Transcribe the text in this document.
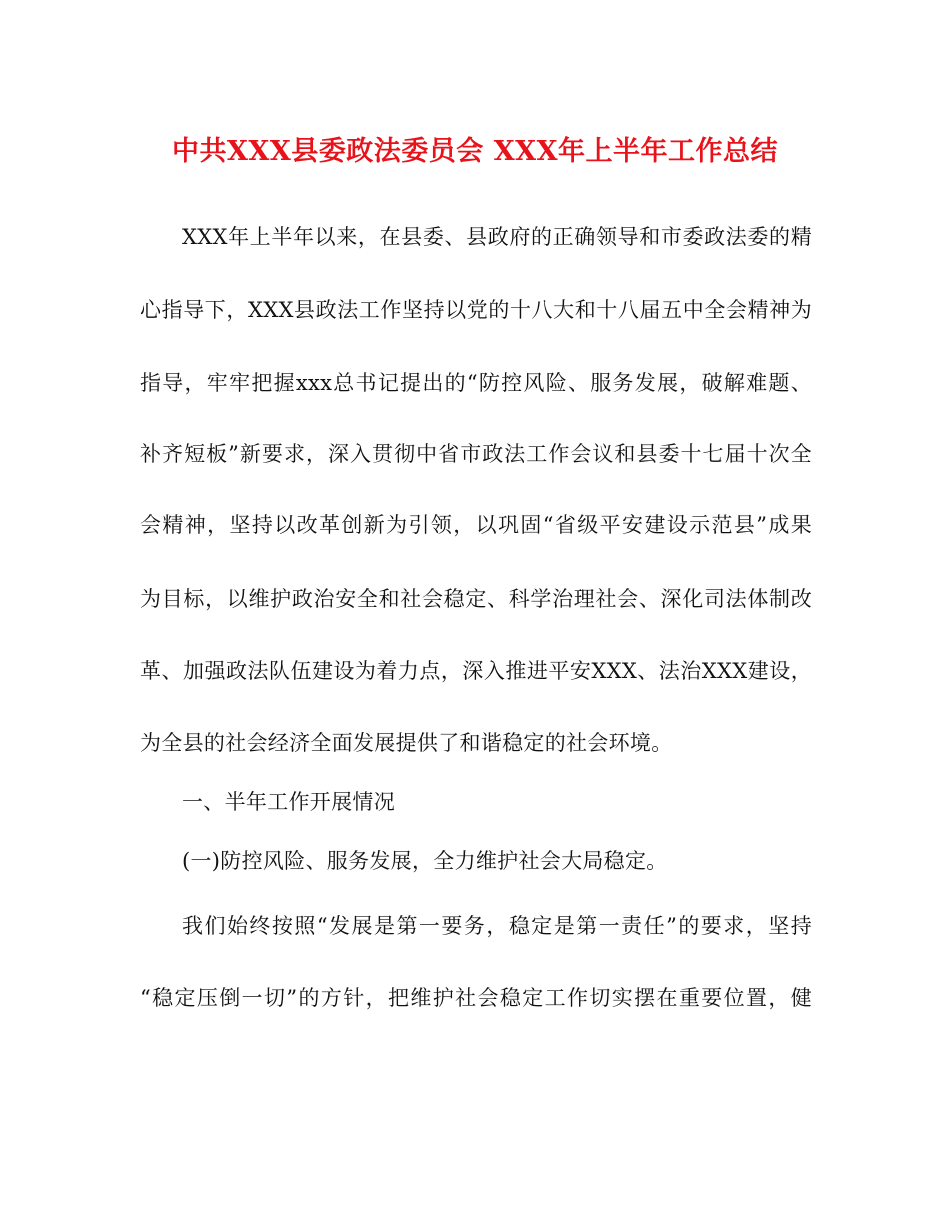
中共XXX县委政法委员会 XXX年上半年工作总结
XXX年上半年以来，在县委、县政府的正确领导和市委政法委的精
心指导下，XXX县政法工作坚持以党的十八大和十八届五中全会精神为
指导，牢牢把握xxx总书记提出的“防控风险、服务发展，破解难题、
补齐短板”新要求，深入贯彻中省市政法工作会议和县委十七届十次全
会精神，坚持以改革创新为引领，以巩固“省级平安建设示范县”成果
为目标，以维护政治安全和社会稳定、科学治理社会、深化司法体制改
革、加强政法队伍建设为着力点，深入推进平安XXX、法治XXX建设，
为全县的社会经济全面发展提供了和谐稳定的社会环境。
一、半年工作开展情况
(一)防控风险、服务发展，全力维护社会大局稳定。
我们始终按照“发展是第一要务，稳定是第一责任”的要求，坚持
“稳定压倒一切”的方针，把维护社会稳定工作切实摆在重要位置，健
